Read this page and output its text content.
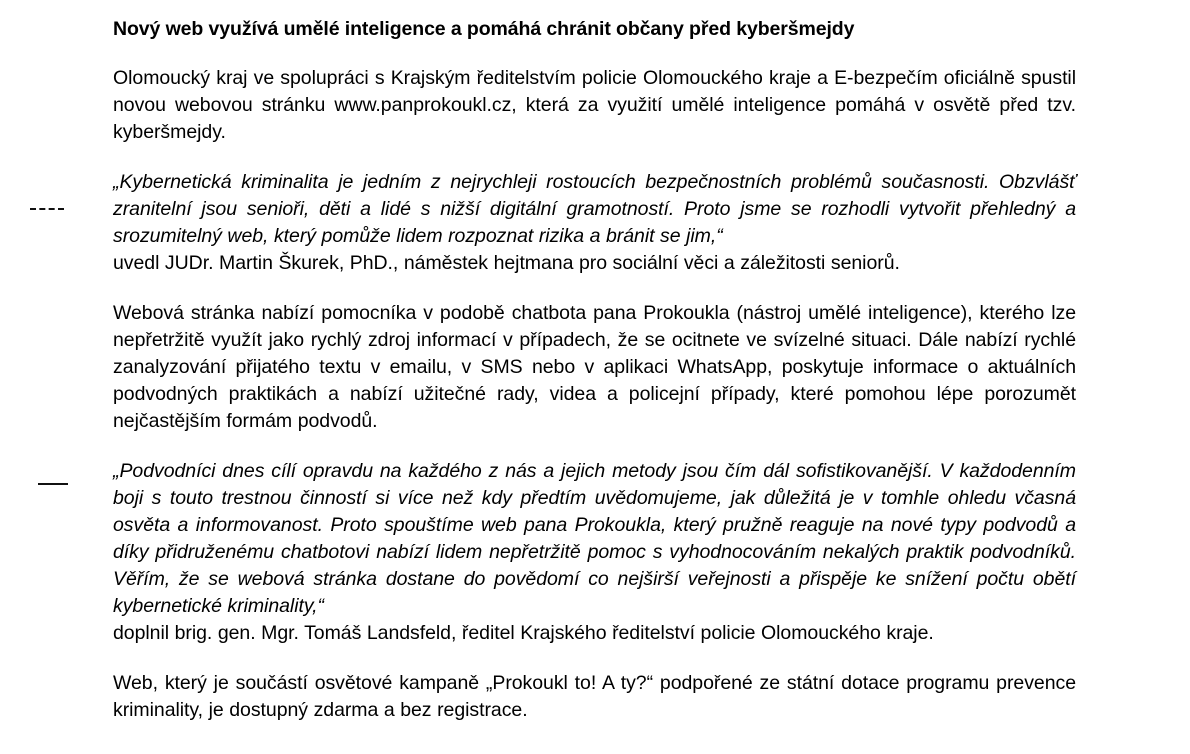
Nový web využívá umělé inteligence a pomáhá chránit občany před kyberšmejdy

Olomoucký kraj ve spolupráci s Krajským ředitelstvím policie Olomouckého kraje a E-bezpečím oficiálně spustil novou webovou stránku www.panprokoukl.cz, která za využití umělé inteligence pomáhá v osvětě před tzv. kyberšmejdy.

„Kybernetická kriminalita je jedním z nejrychleji rostoucích bezpečnostních problémů současnosti. Obzvlášť zranitelní jsou senioři, děti a lidé s nižší digitální gramotností. Proto jsme se rozhodli vytvořit přehledný a srozumitelný web, který pomůže lidem rozpoznat rizika a bránit se jim,“
uvedl JUDr. Martin Škurek, PhD., náměstek hejtmana pro sociální věci a záležitosti seniorů.

Webová stránka nabízí pomocníka v podobě chatbota pana Prokoukla (nástroj umělé inteligence), kterého lze nepřetržitě využít jako rychlý zdroj informací v případech, že se ocitnete ve svízelné situaci. Dále nabízí rychlé zanalyzování přijatého textu v emailu, v SMS nebo v aplikaci WhatsApp, poskytuje informace o aktuálních podvodných praktikách a nabízí užitečné rady, videa a policejní případy, které pomohou lépe porozumět nejčastějším formám podvodů.

„Podvodníci dnes cílí opravdu na každého z nás a jejich metody jsou čím dál sofistikovanější. V každodenním boji s touto trestnou činností si více než kdy předtím uvědomujeme, jak důležitá je v tomhle ohledu včasná osvěta a informovanost. Proto spouštíme web pana Prokoukla, který pružně reaguje na nové typy podvodů a díky přidruženému chatbotovi nabízí lidem nepřetržitě pomoc s vyhodnocováním nekalých praktik podvodníků. Věřím, že se webová stránka dostane do povědomí co nejširší veřejnosti a přispěje ke snížení počtu obětí kybernetické kriminality,“
doplnil brig. gen. Mgr. Tomáš Landsfeld, ředitel Krajského ředitelství policie Olomouckého kraje.

Web, který je součástí osvětové kampaně „Prokoukl to! A ty?“ podpořené ze státní dotace programu prevence kriminality, je dostupný zdarma a bez registrace.
